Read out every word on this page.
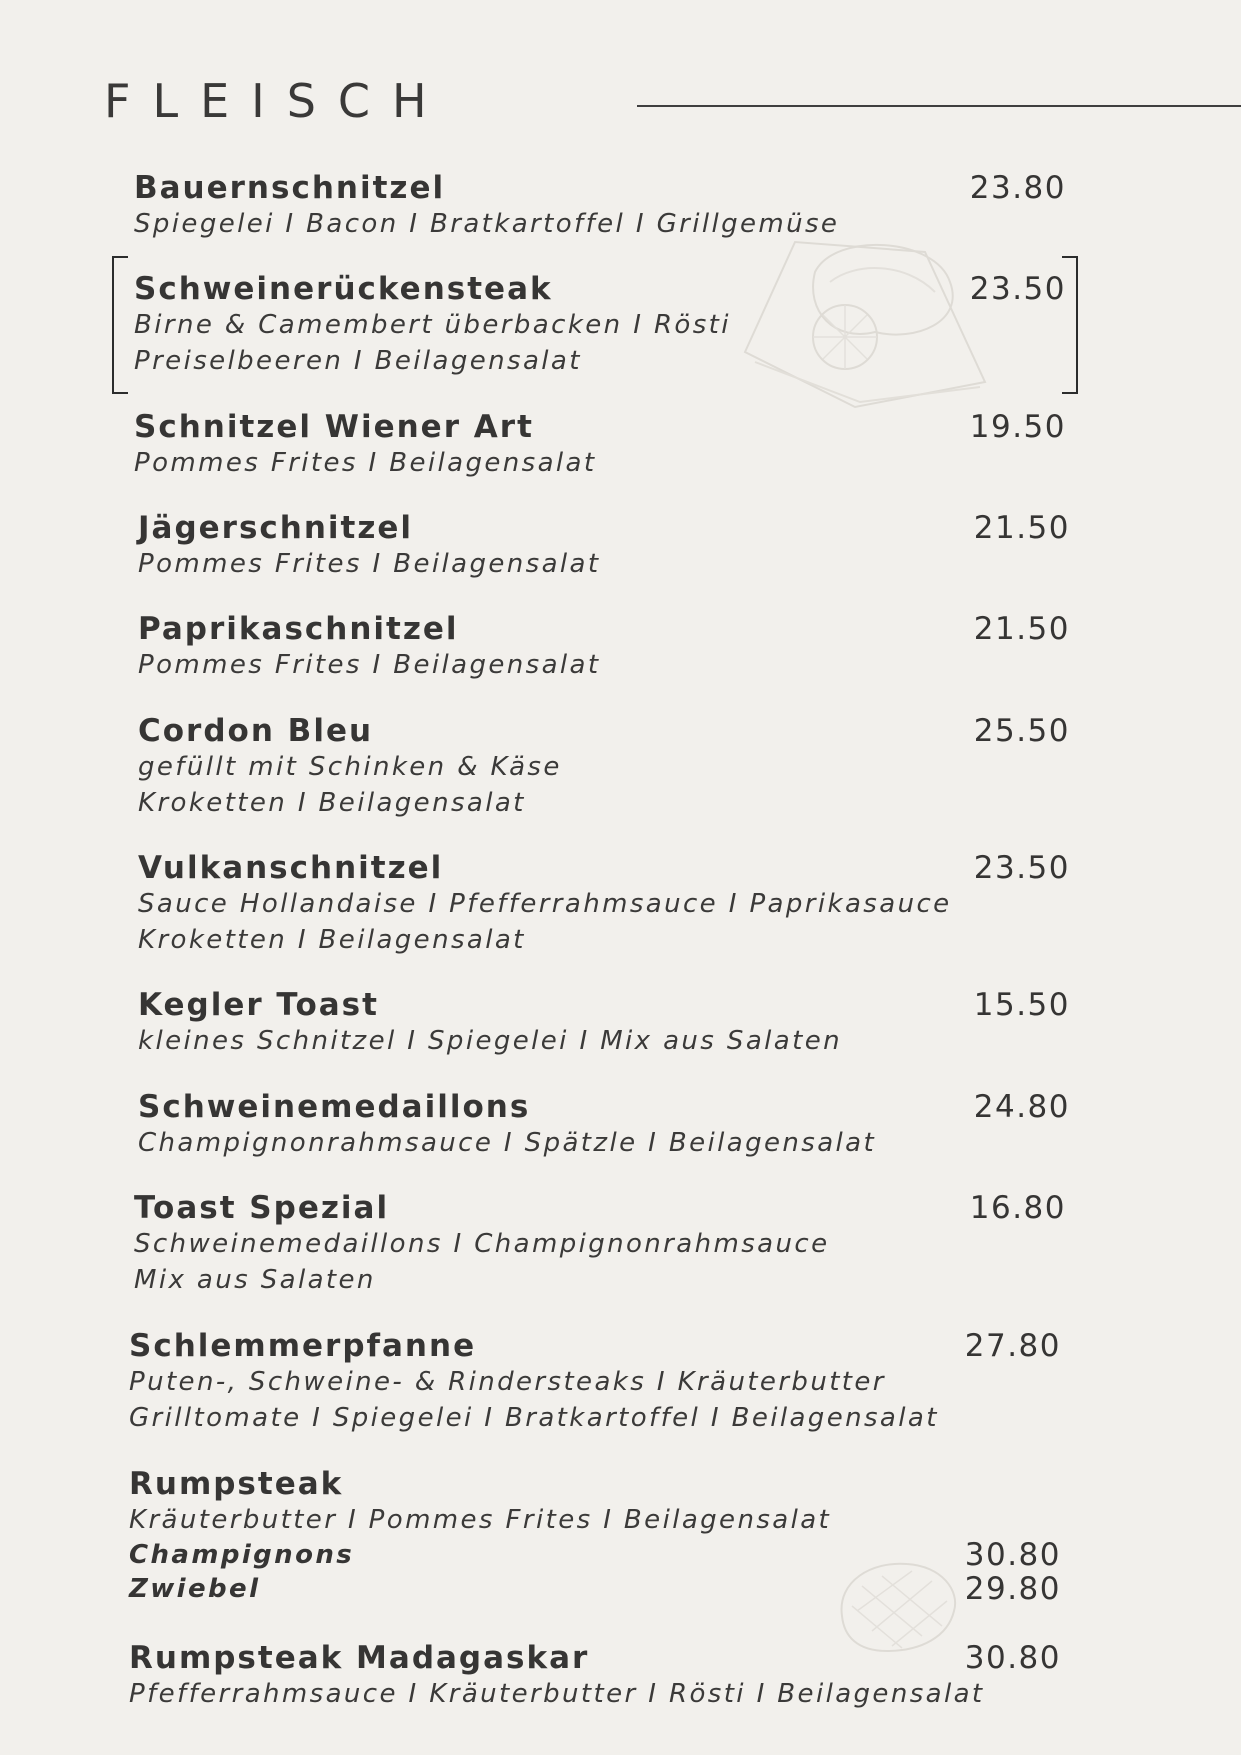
FLEISCH
Bauernschnitzel
Spiegelei I Bacon I Bratkartoffel I Grillgemüse
23.80
Schweinerückensteak
Birne & Camembert überbacken I Rösti
Preiselbeeren I Beilagensalat
23.50
Schnitzel Wiener Art
Pommes Frites I Beilagensalat
19.50
Jägerschnitzel
Pommes Frites I Beilagensalat
21.50
Paprikaschnitzel
Pommes Frites I Beilagensalat
21.50
Cordon Bleu
gefüllt mit Schinken & Käse
Kroketten I Beilagensalat
25.50
Vulkanschnitzel
Sauce Hollandaise I Pfefferrahmsauce I Paprikasauce
Kroketten I Beilagensalat
23.50
Kegler Toast
kleines Schnitzel I Spiegelei I Mix aus Salaten
15.50
Schweinemedaillons
Champignonrahmsauce I Spätzle I Beilagensalat
24.80
Toast Spezial
Schweinemedaillons I Champignonrahmsauce
Mix aus Salaten
16.80
Schlemmerpfanne
Puten-, Schweine- & Rindersteaks I Kräuterbutter
Grilltomate I Spiegelei I Bratkartoffel I Beilagensalat
27.80
Rumpsteak
Kräuterbutter I Pommes Frites I Beilagensalat
Champignons
Zwiebel
30.80
29.80
Rumpsteak Madagaskar
Pfefferrahmsauce I Kräuterbutter I Rösti I Beilagensalat
30.80
